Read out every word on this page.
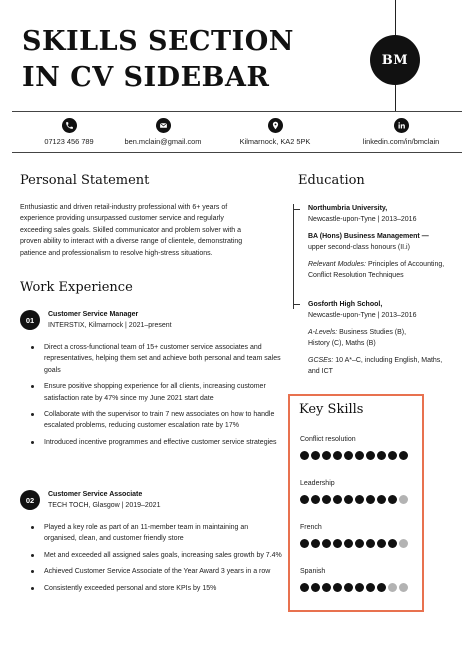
SKILLS SECTION
IN CV SIDEBAR
BM
07123 456 789	ben.mclain@gmail.com	Kilmarnock, KA2 5PK	linkedin.com/in/bmclain
Personal Statement
Enthusiastic and driven retail-industry professional with 6+ years of
experience providing unsurpassed customer service and regularly
exceeding sales goals. Skilled communicator and problem solver with a
proven ability to interact with a diverse range of clientele, demonstrating
patience and professionalism to resolve high-stress situations.
Work Experience
01
Customer Service Manager
INTERSTIX, Kilmarnock | 2021–present
Direct a cross-functional team of 15+ customer service associates and representatives, helping them set and achieve both personal and team sales goals
Ensure positive shopping experience for all clients, increasing customer satisfaction rate by 47% since my June 2021 start date
Collaborate with the supervisor to train 7 new associates on how to handle escalated problems, reducing customer escalation rate by 17%
Introduced incentive programmes and effective customer service strategies
02
Customer Service Associate
TECH TOCH, Glasgow | 2019–2021
Played a key role as part of an 11-member team in maintaining an organised, clean, and customer friendly store
Met and exceeded all assigned sales goals, increasing sales growth by 7.4%
Achieved Customer Service Associate of the Year Award 3 years in a row
Consistently exceeded personal and store KPIs by 15%
Education
Northumbria University,
Newcastle-upon-Tyne | 2013–2016
BA (Hons) Business Management —
upper second-class honours (II.i)
Relevant Modules: Principles of Accounting,
Conflict Resolution Techniques
Gosforth High School,
Newcastle-upon-Tyne | 2013–2016
A-Levels: Business Studies (B),
History (C), Maths (B)
GCSEs: 10 A*–C, including English, Maths,
and ICT
Key Skills
Conflict resolution
Leadership
French
Spanish
